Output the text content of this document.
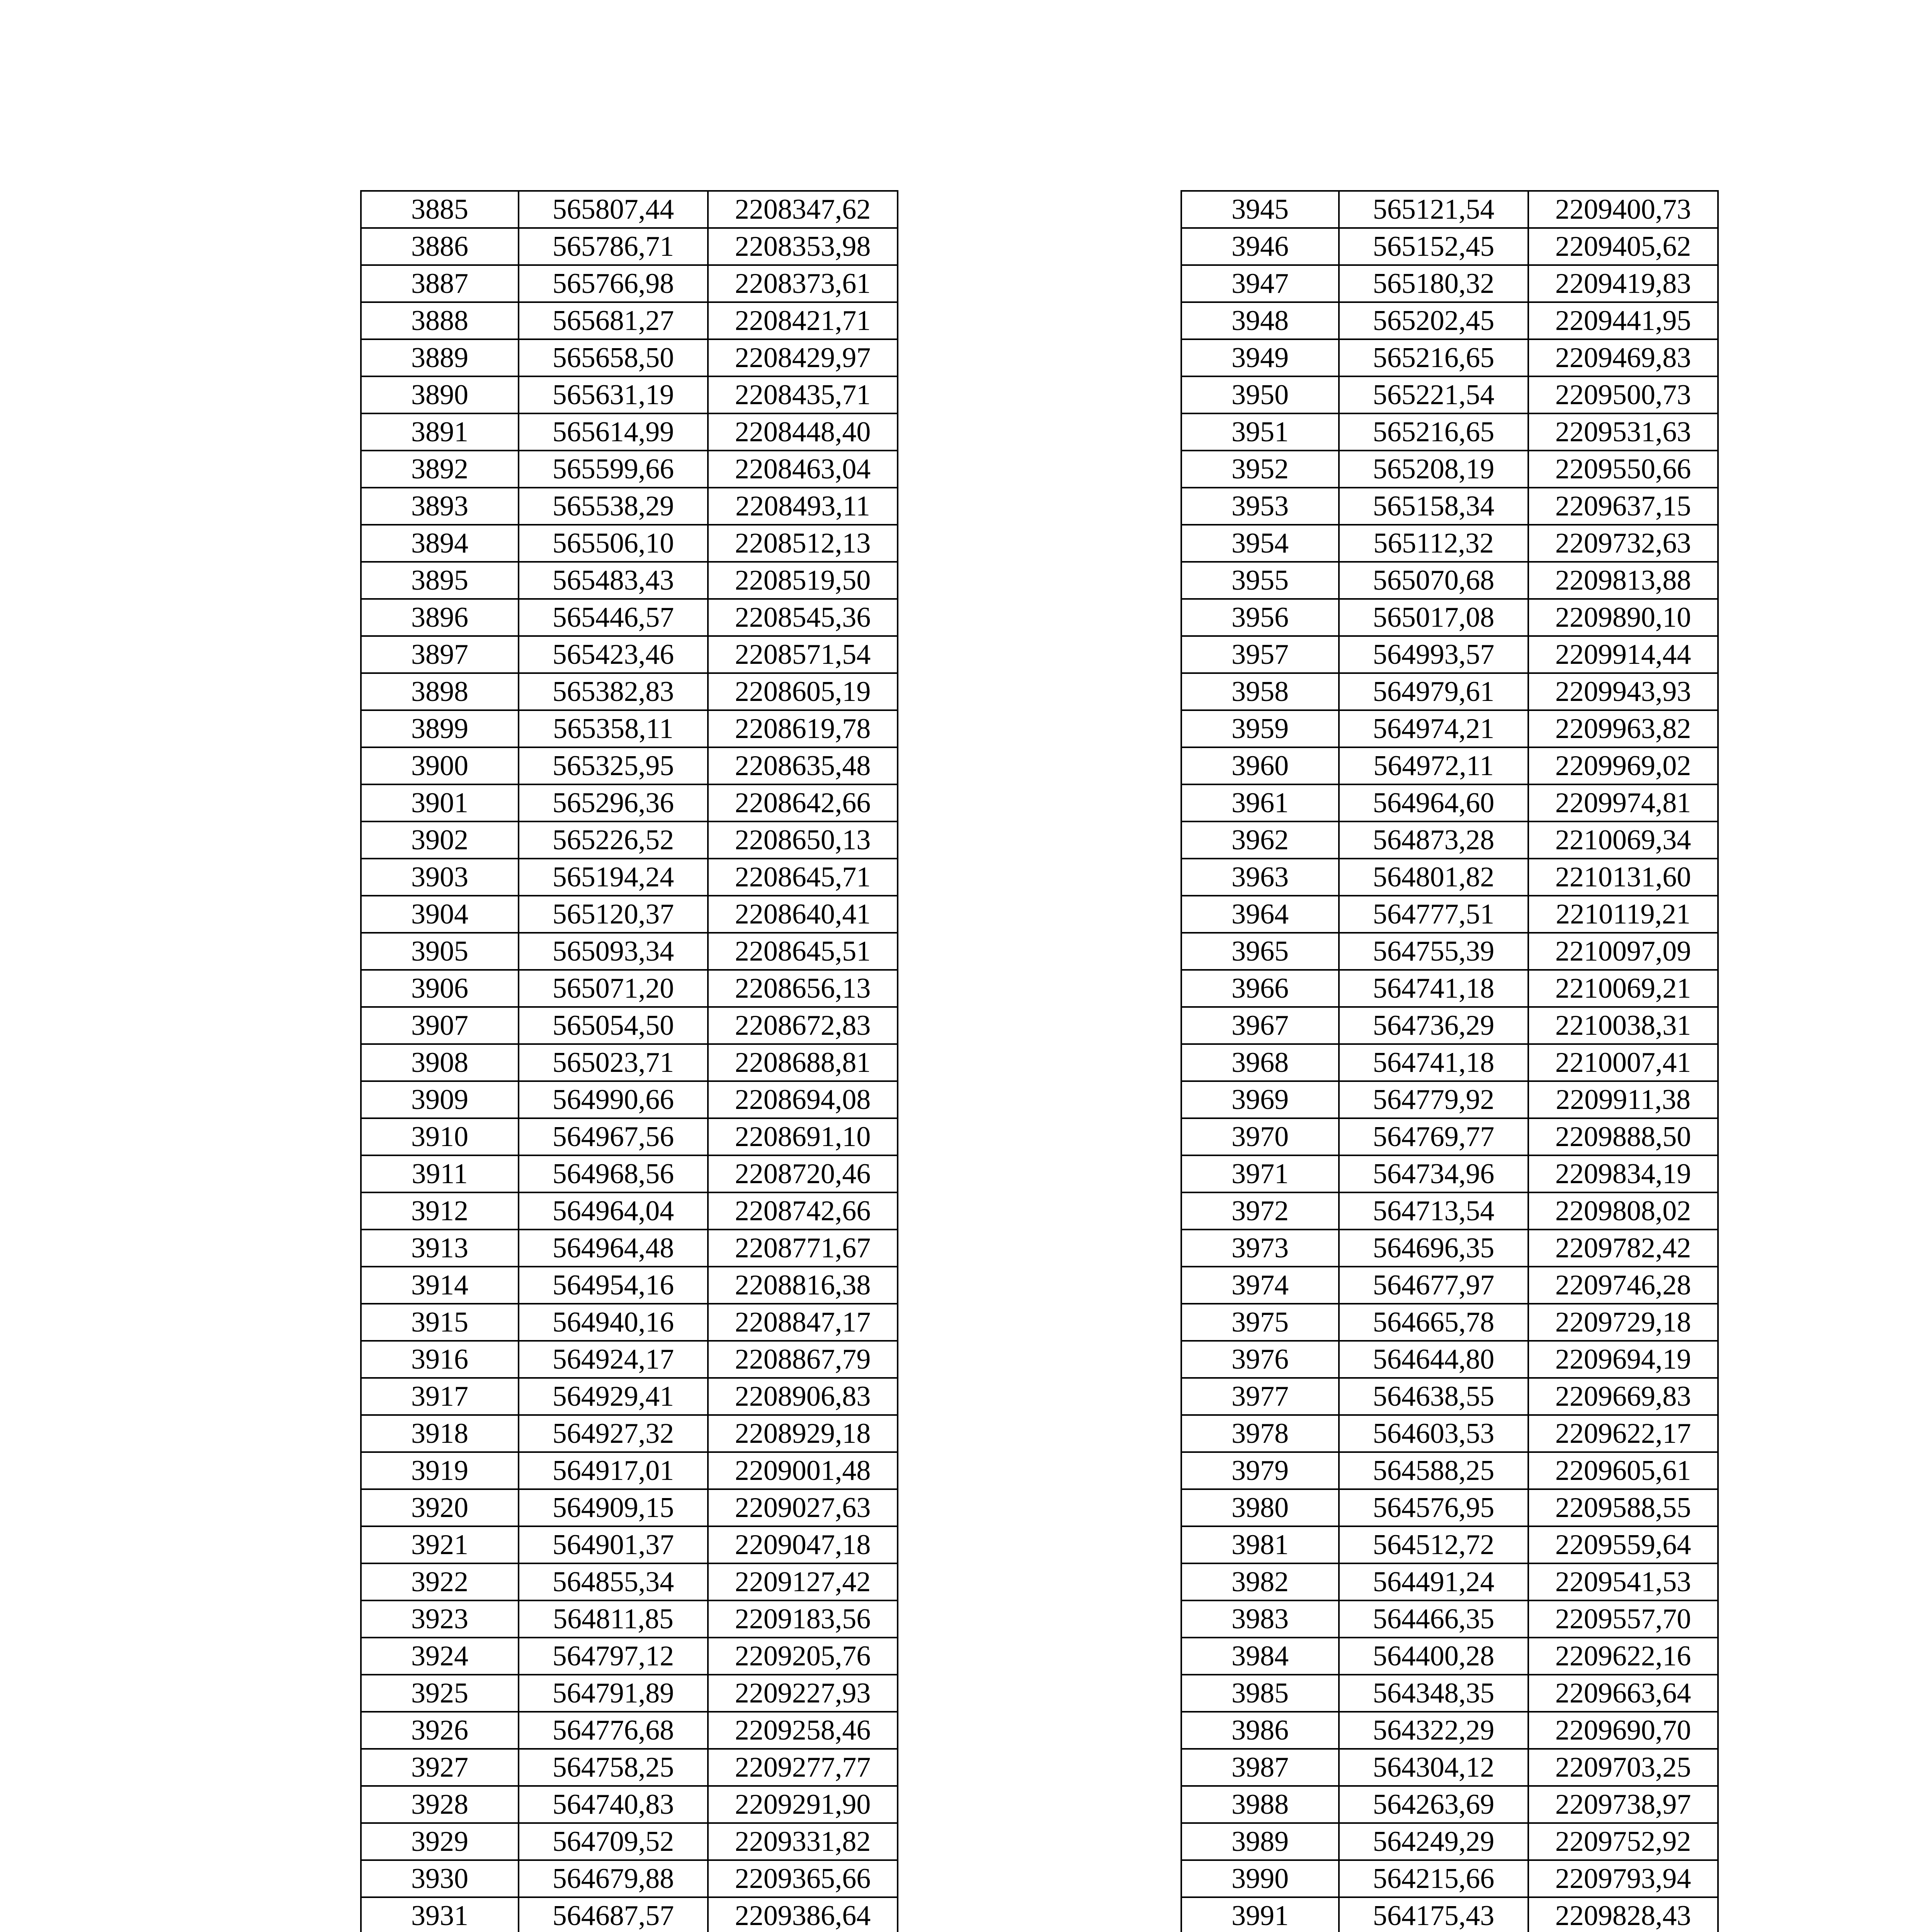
3885	565807,44	2208347,62
3886	565786,71	2208353,98
3887	565766,98	2208373,61
3888	565681,27	2208421,71
3889	565658,50	2208429,97
3890	565631,19	2208435,71
3891	565614,99	2208448,40
3892	565599,66	2208463,04
3893	565538,29	2208493,11
3894	565506,10	2208512,13
3895	565483,43	2208519,50
3896	565446,57	2208545,36
3897	565423,46	2208571,54
3898	565382,83	2208605,19
3899	565358,11	2208619,78
3900	565325,95	2208635,48
3901	565296,36	2208642,66
3902	565226,52	2208650,13
3903	565194,24	2208645,71
3904	565120,37	2208640,41
3905	565093,34	2208645,51
3906	565071,20	2208656,13
3907	565054,50	2208672,83
3908	565023,71	2208688,81
3909	564990,66	2208694,08
3910	564967,56	2208691,10
3911	564968,56	2208720,46
3912	564964,04	2208742,66
3913	564964,48	2208771,67
3914	564954,16	2208816,38
3915	564940,16	2208847,17
3916	564924,17	2208867,79
3917	564929,41	2208906,83
3918	564927,32	2208929,18
3919	564917,01	2209001,48
3920	564909,15	2209027,63
3921	564901,37	2209047,18
3922	564855,34	2209127,42
3923	564811,85	2209183,56
3924	564797,12	2209205,76
3925	564791,89	2209227,93
3926	564776,68	2209258,46
3927	564758,25	2209277,77
3928	564740,83	2209291,90
3929	564709,52	2209331,82
3930	564679,88	2209365,66
3931	564687,57	2209386,64

3945	565121,54	2209400,73
3946	565152,45	2209405,62
3947	565180,32	2209419,83
3948	565202,45	2209441,95
3949	565216,65	2209469,83
3950	565221,54	2209500,73
3951	565216,65	2209531,63
3952	565208,19	2209550,66
3953	565158,34	2209637,15
3954	565112,32	2209732,63
3955	565070,68	2209813,88
3956	565017,08	2209890,10
3957	564993,57	2209914,44
3958	564979,61	2209943,93
3959	564974,21	2209963,82
3960	564972,11	2209969,02
3961	564964,60	2209974,81
3962	564873,28	2210069,34
3963	564801,82	2210131,60
3964	564777,51	2210119,21
3965	564755,39	2210097,09
3966	564741,18	2210069,21
3967	564736,29	2210038,31
3968	564741,18	2210007,41
3969	564779,92	2209911,38
3970	564769,77	2209888,50
3971	564734,96	2209834,19
3972	564713,54	2209808,02
3973	564696,35	2209782,42
3974	564677,97	2209746,28
3975	564665,78	2209729,18
3976	564644,80	2209694,19
3977	564638,55	2209669,83
3978	564603,53	2209622,17
3979	564588,25	2209605,61
3980	564576,95	2209588,55
3981	564512,72	2209559,64
3982	564491,24	2209541,53
3983	564466,35	2209557,70
3984	564400,28	2209622,16
3985	564348,35	2209663,64
3986	564322,29	2209690,70
3987	564304,12	2209703,25
3988	564263,69	2209738,97
3989	564249,29	2209752,92
3990	564215,66	2209793,94
3991	564175,43	2209828,43
